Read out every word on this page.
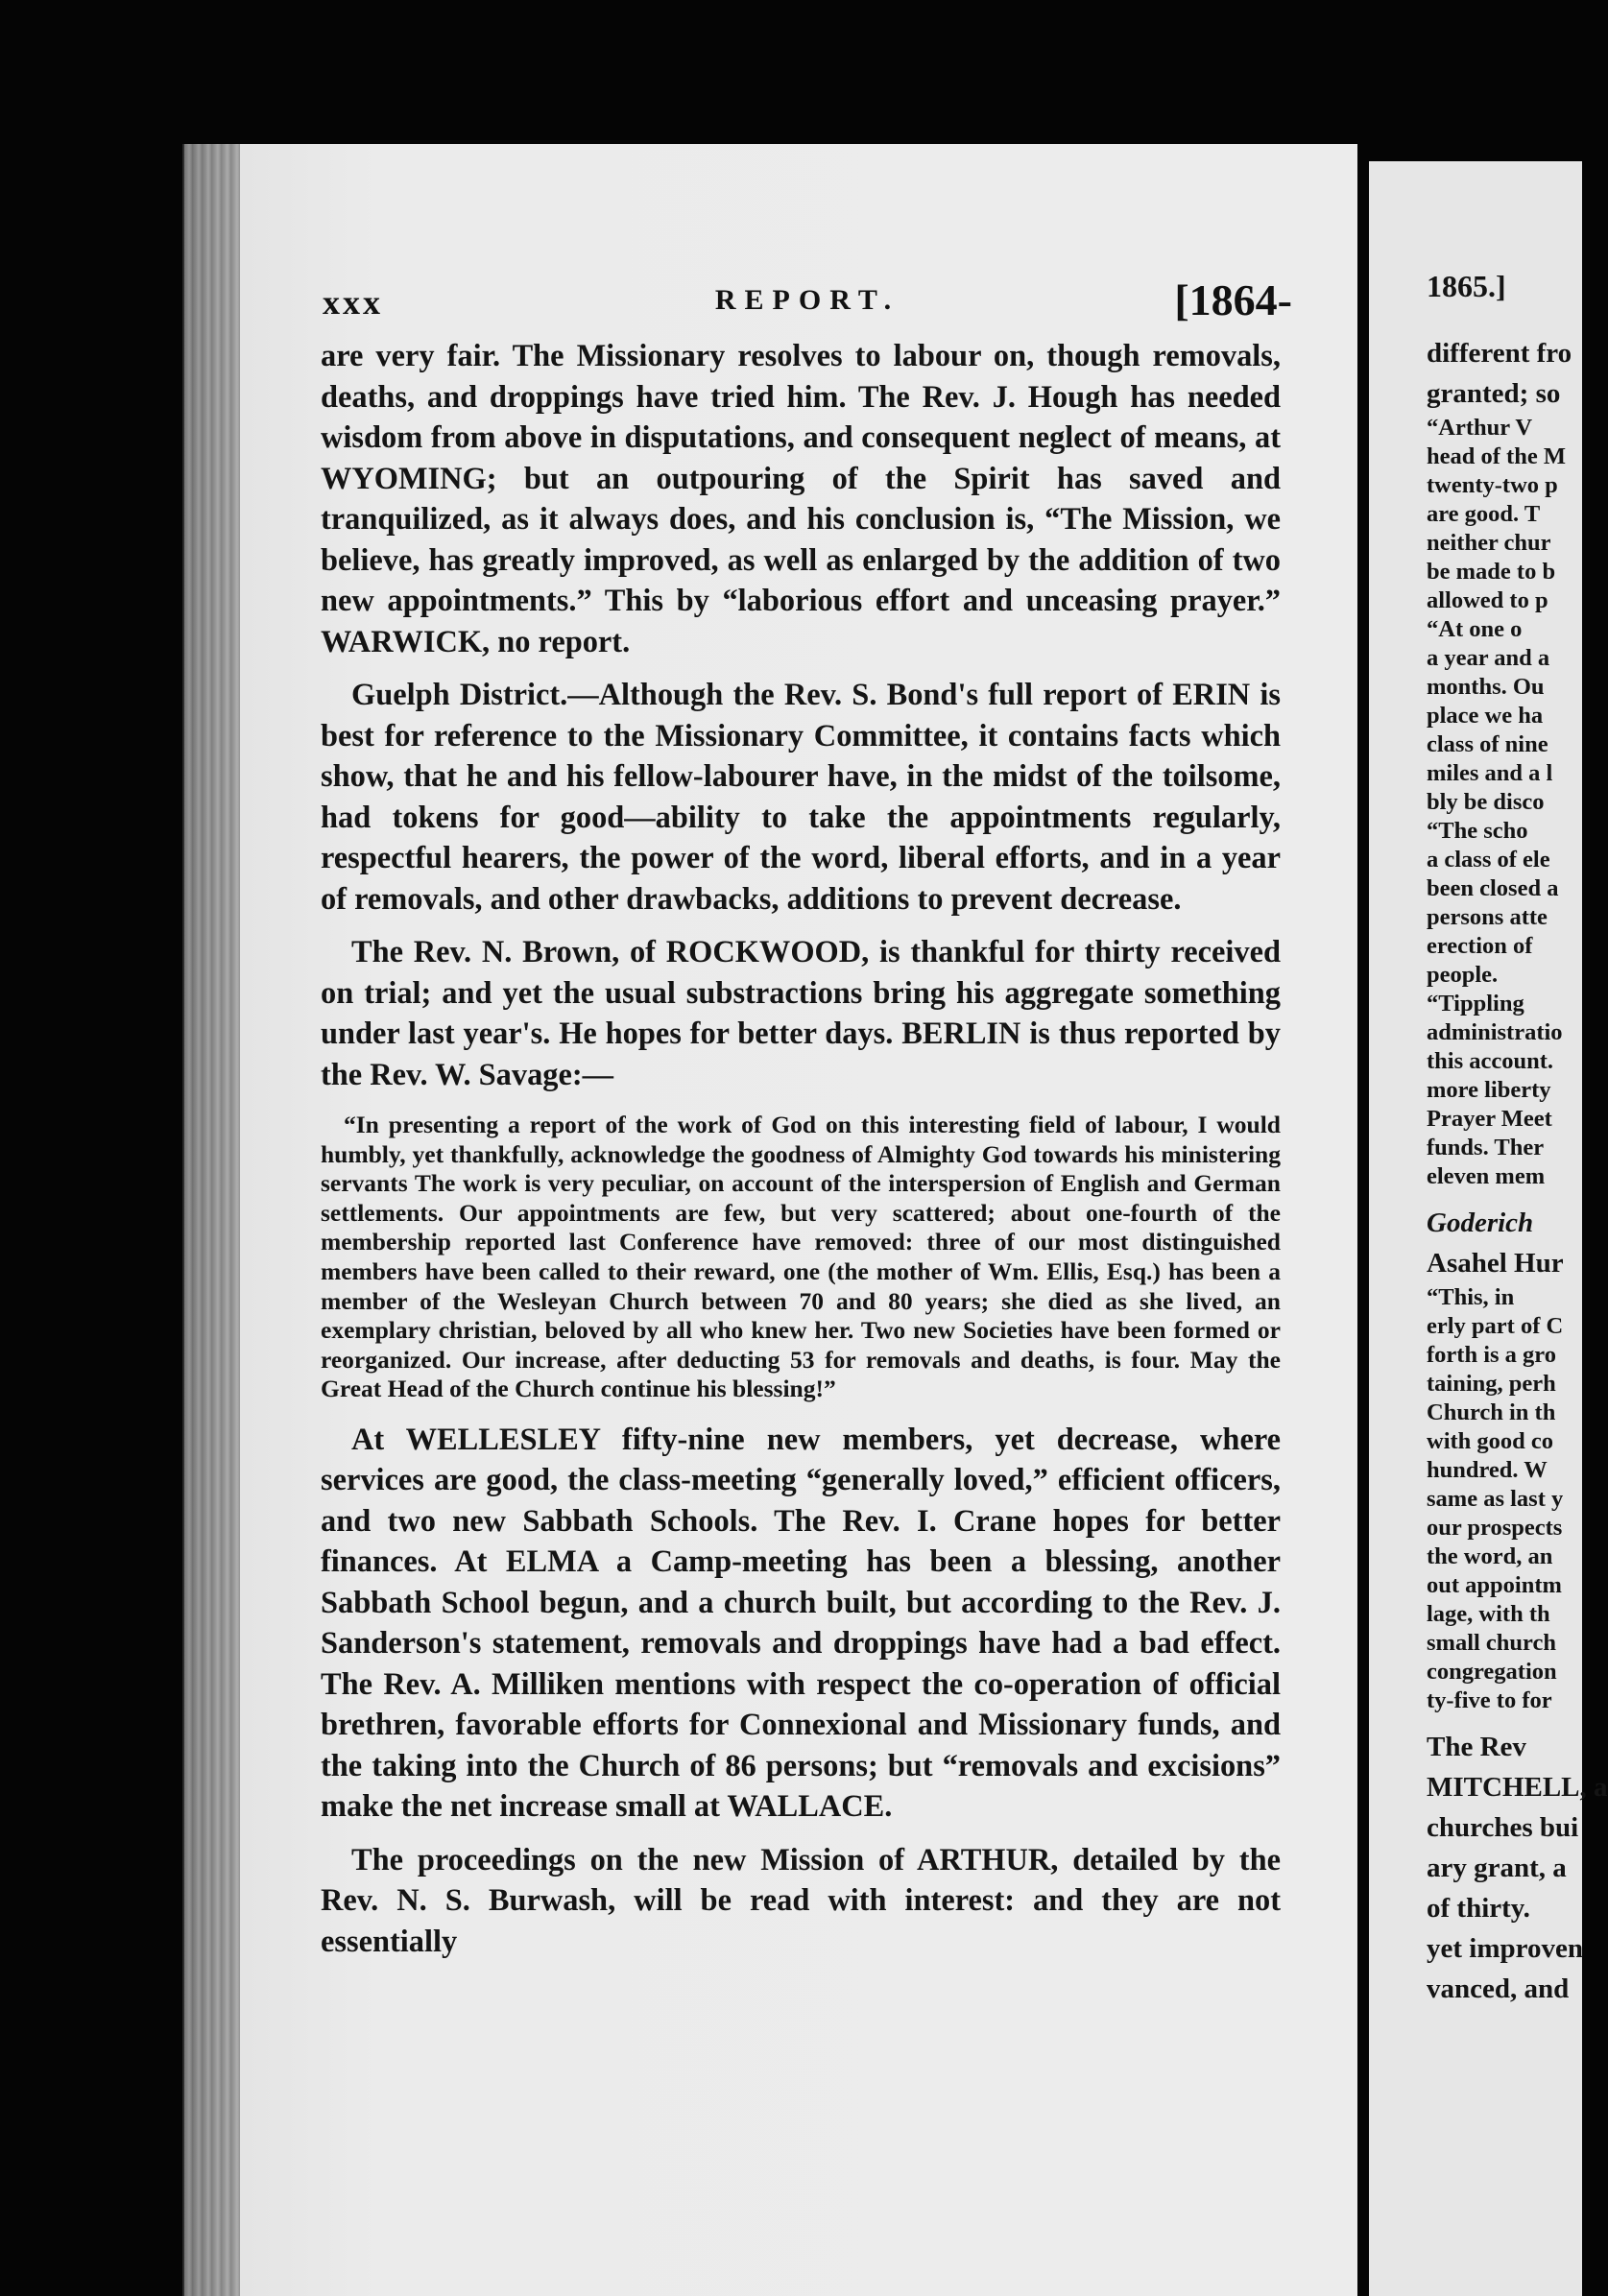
xxx	REPORT.	[1864-

are very fair. The Missionary resolves to labour on, though removals, deaths, and droppings have tried him. The Rev. J. Hough has needed wisdom from above in disputations, and consequent neglect of means, at WYOMING; but an outpouring of the Spirit has saved and tranquilized, as it always does, and his conclusion is, “The Mission, we believe, has greatly improved, as well as enlarged by the addition of two new appointments.” This by “laborious effort and unceasing prayer.” WARWICK, no report.

Guelph District.—Although the Rev. S. Bond's full report of ERIN is best for reference to the Missionary Committee, it contains facts which show, that he and his fellow-labourer have, in the midst of the toilsome, had tokens for good—ability to take the appointments regularly, respectful hearers, the power of the word, liberal efforts, and in a year of removals, and other drawbacks, additions to prevent decrease.

The Rev. N. Brown, of ROCKWOOD, is thankful for thirty received on trial; and yet the usual substractions bring his aggregate something under last year's. He hopes for better days. BERLIN is thus reported by the Rev. W. Savage:—

“In presenting a report of the work of God on this interesting field of labour, I would humbly, yet thankfully, acknowledge the goodness of Almighty God towards his ministering servants The work is very peculiar, on account of the interspersion of English and German settlements. Our appointments are few, but very scattered; about one-fourth of the membership reported last Conference have removed: three of our most distinguished members have been called to their reward, one (the mother of Wm. Ellis, Esq.) has been a member of the Wesleyan Church between 70 and 80 years; she died as she lived, an exemplary christian, beloved by all who knew her. Two new Societies have been formed or reorganized. Our increase, after deducting 53 for removals and deaths, is four. May the Great Head of the Church continue his blessing!”

At WELLESLEY fifty-nine new members, yet decrease, where services are good, the class-meeting “generally loved,” efficient officers, and two new Sabbath Schools. The Rev. I. Crane hopes for better finances. At ELMA a Camp-meeting has been a blessing, another Sabbath School begun, and a church built, but according to the Rev. J. Sanderson's statement, removals and droppings have had a bad effect. The Rev. A. Milliken mentions with respect the co-operation of official brethren, favorable efforts for Connexional and Missionary funds, and the taking into the Church of 86 persons; but “removals and excisions” make the net increase small at WALLACE.

The proceedings on the new Mission of ARTHUR, detailed by the Rev. N. S. Burwash, will be read with interest: and they are not essentially

1865.]
different fro
granted; so
“Arthur V
head of the M
twenty-two p
are good. T
neither chur
be made to b
allowed to p
“At one o
a year and a
months. Ou
place we ha
class of nine
miles and a l
bly be disco
“The scho
a class of ele
been closed a
persons atte
erection of
people.
“Tippling
administratio
this account.
more liberty
Prayer Meet
funds. Ther
eleven mem
Goderich
Asahel Hur
“This, in
erly part of C
forth is a gro
taining, perh
Church in th
with good co
hundred. W
same as last y
our prospects
the word, an
out appointm
lage, with th
small church
congregation
ty-five to for
The Rev
MITCHELL, a
churches bui
ary grant, a
of thirty.
yet improven
vanced, and
